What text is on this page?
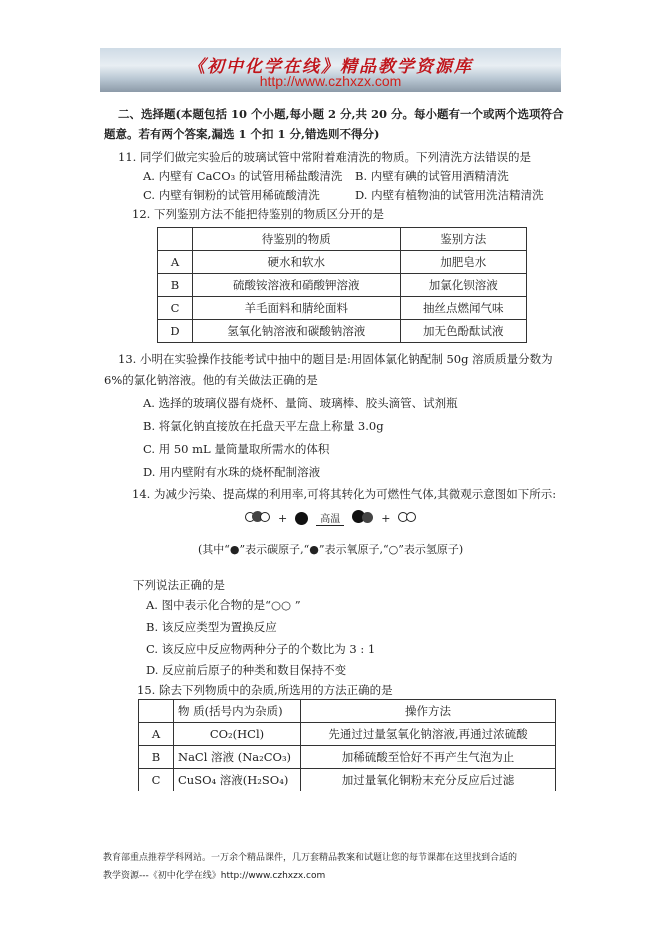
《初中化学在线》精品教学资源库
http://www.czhxzx.com
二、选择题(本题包括 10 个小题,每小题 2 分,共 20 分。每小题有一个或两个选项符合
题意。若有两个答案,漏选 1 个扣 1 分,错选则不得分)
11. 同学们做完实验后的玻璃试管中常附着难清洗的物质。下列清洗方法错误的是
A. 内壁有 CaCO₃ 的试管用稀盐酸清洗 B. 内壁有碘的试管用酒精清洗
C. 内壁有铜粉的试管用稀硫酸清洗	D. 内壁有植物油的试管用洗洁精清洗
12. 下列鉴别方法不能把待鉴别的物质区分开的是
	待鉴别的物质	鉴别方法
A	硬水和软水	加肥皂水
B	硫酸铵溶液和硝酸钾溶液	加氯化钡溶液
C	羊毛面料和腈纶面料	抽丝点燃闻气味
D	氢氧化钠溶液和碳酸钠溶液	加无色酚酞试液
13. 小明在实验操作技能考试中抽中的题目是:用固体氯化钠配制 50g 溶质质量分数为
6%的氯化钠溶液。他的有关做法正确的是
A. 选择的玻璃仪器有烧杯、量筒、玻璃棒、胶头滴管、试剂瓶
B. 将氯化钠直接放在托盘天平左盘上称量 3.0g
C. 用 50 mL 量筒量取所需水的体积
D. 用内壁附有水珠的烧杯配制溶液
14. 为减少污染、提高煤的利用率,可将其转化为可燃性气体,其微观示意图如下所示:
+	高温	+
(其中“●”表示碳原子,“●”表示氧原子,“○”表示氢原子)
下列说法正确的是
A. 图中表示化合物的是“○○ ”
B. 该反应类型为置换反应
C. 该反应中反应物两种分子的个数比为 3 : 1
D. 反应前后原子的种类和数目保持不变
15. 除去下列物质中的杂质,所选用的方法正确的是
	物 质(括号内为杂质)	操作方法
A	CO₂(HCl)	先通过过量氢氧化钠溶液,再通过浓硫酸
B	NaCl 溶液 (Na₂CO₃)	加稀硫酸至恰好不再产生气泡为止
C	CuSO₄ 溶液(H₂SO₄)	加过量氧化铜粉末充分反应后过滤
教育部重点推荐学科网站。一万余个精品课件，几万套精品教案和试题让您的每节课都在这里找到合适的
教学资源---《初中化学在线》http://www.czhxzx.com
